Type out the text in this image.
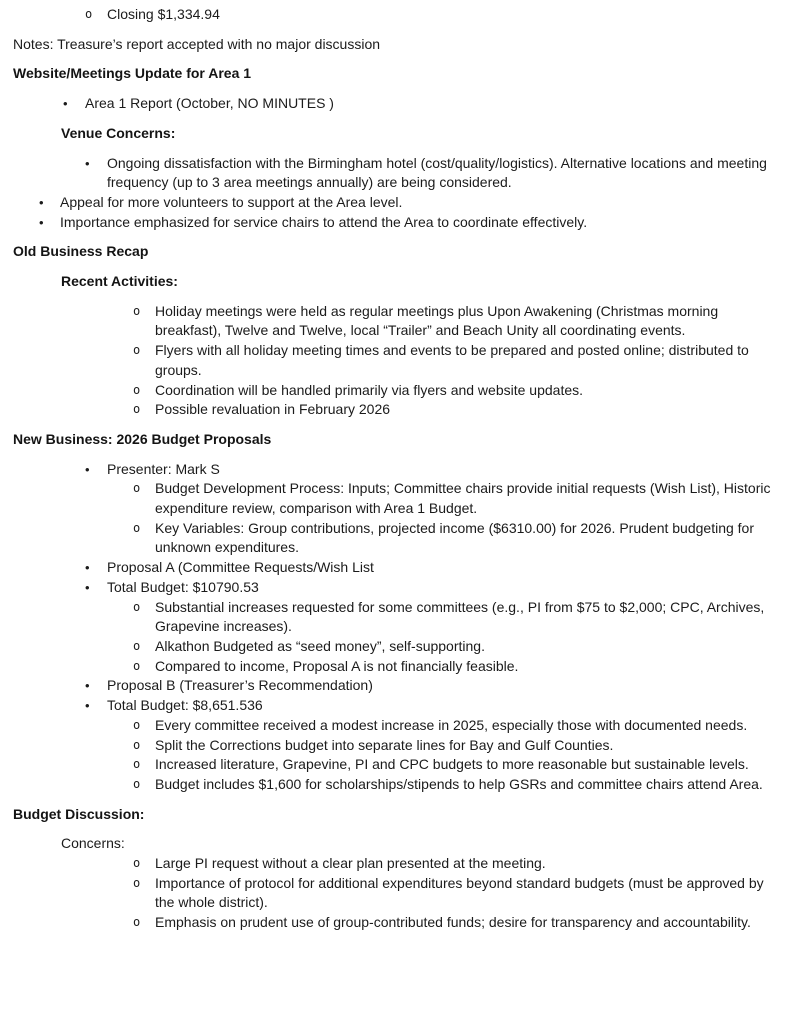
o	Closing $1,334.94

Notes: Treasure’s report accepted with no major discussion

Website/Meetings Update for Area 1

•	Area 1 Report (October, NO MINUTES )

Venue Concerns:

•	Ongoing dissatisfaction with the Birmingham hotel (cost/quality/logistics). Alternative locations and meeting frequency (up to 3 area meetings annually) are being considered.
•	Appeal for more volunteers to support at the Area level.
•	Importance emphasized for service chairs to attend the Area to coordinate effectively.

Old Business Recap

Recent Activities:

o	Holiday meetings were held as regular meetings plus Upon Awakening (Christmas morning breakfast), Twelve and Twelve, local “Trailer” and Beach Unity all coordinating events.
o	Flyers with all holiday meeting times and events to be prepared and posted online; distributed to groups.
o	Coordination will be handled primarily via flyers and website updates.
o	Possible revaluation in February 2026

New Business: 2026 Budget Proposals

•	Presenter: Mark S
o	Budget Development Process: Inputs; Committee chairs provide initial requests (Wish List), Historic expenditure review, comparison with Area 1 Budget.
o	Key Variables: Group contributions, projected income ($6310.00) for 2026. Prudent budgeting for unknown expenditures.
•	Proposal A (Committee Requests/Wish List
•	Total Budget: $10790.53
o	Substantial increases requested for some committees (e.g., PI from $75 to $2,000; CPC, Archives, Grapevine increases).
o	Alkathon Budgeted as “seed money”, self-supporting.
o	Compared to income, Proposal A is not financially feasible.
•	Proposal B (Treasurer’s Recommendation)
•	Total Budget: $8,651.536
o	Every committee received a modest increase in 2025, especially those with documented needs.
o	Split the Corrections budget into separate lines for Bay and Gulf Counties.
o	Increased literature, Grapevine, PI and CPC budgets to more reasonable but sustainable levels.
o	Budget includes $1,600 for scholarships/stipends to help GSRs and committee chairs attend Area.

Budget Discussion:

Concerns:

o	Large PI request without a clear plan presented at the meeting.
o	Importance of protocol for additional expenditures beyond standard budgets (must be approved by the whole district).
o	Emphasis on prudent use of group-contributed funds; desire for transparency and accountability.
